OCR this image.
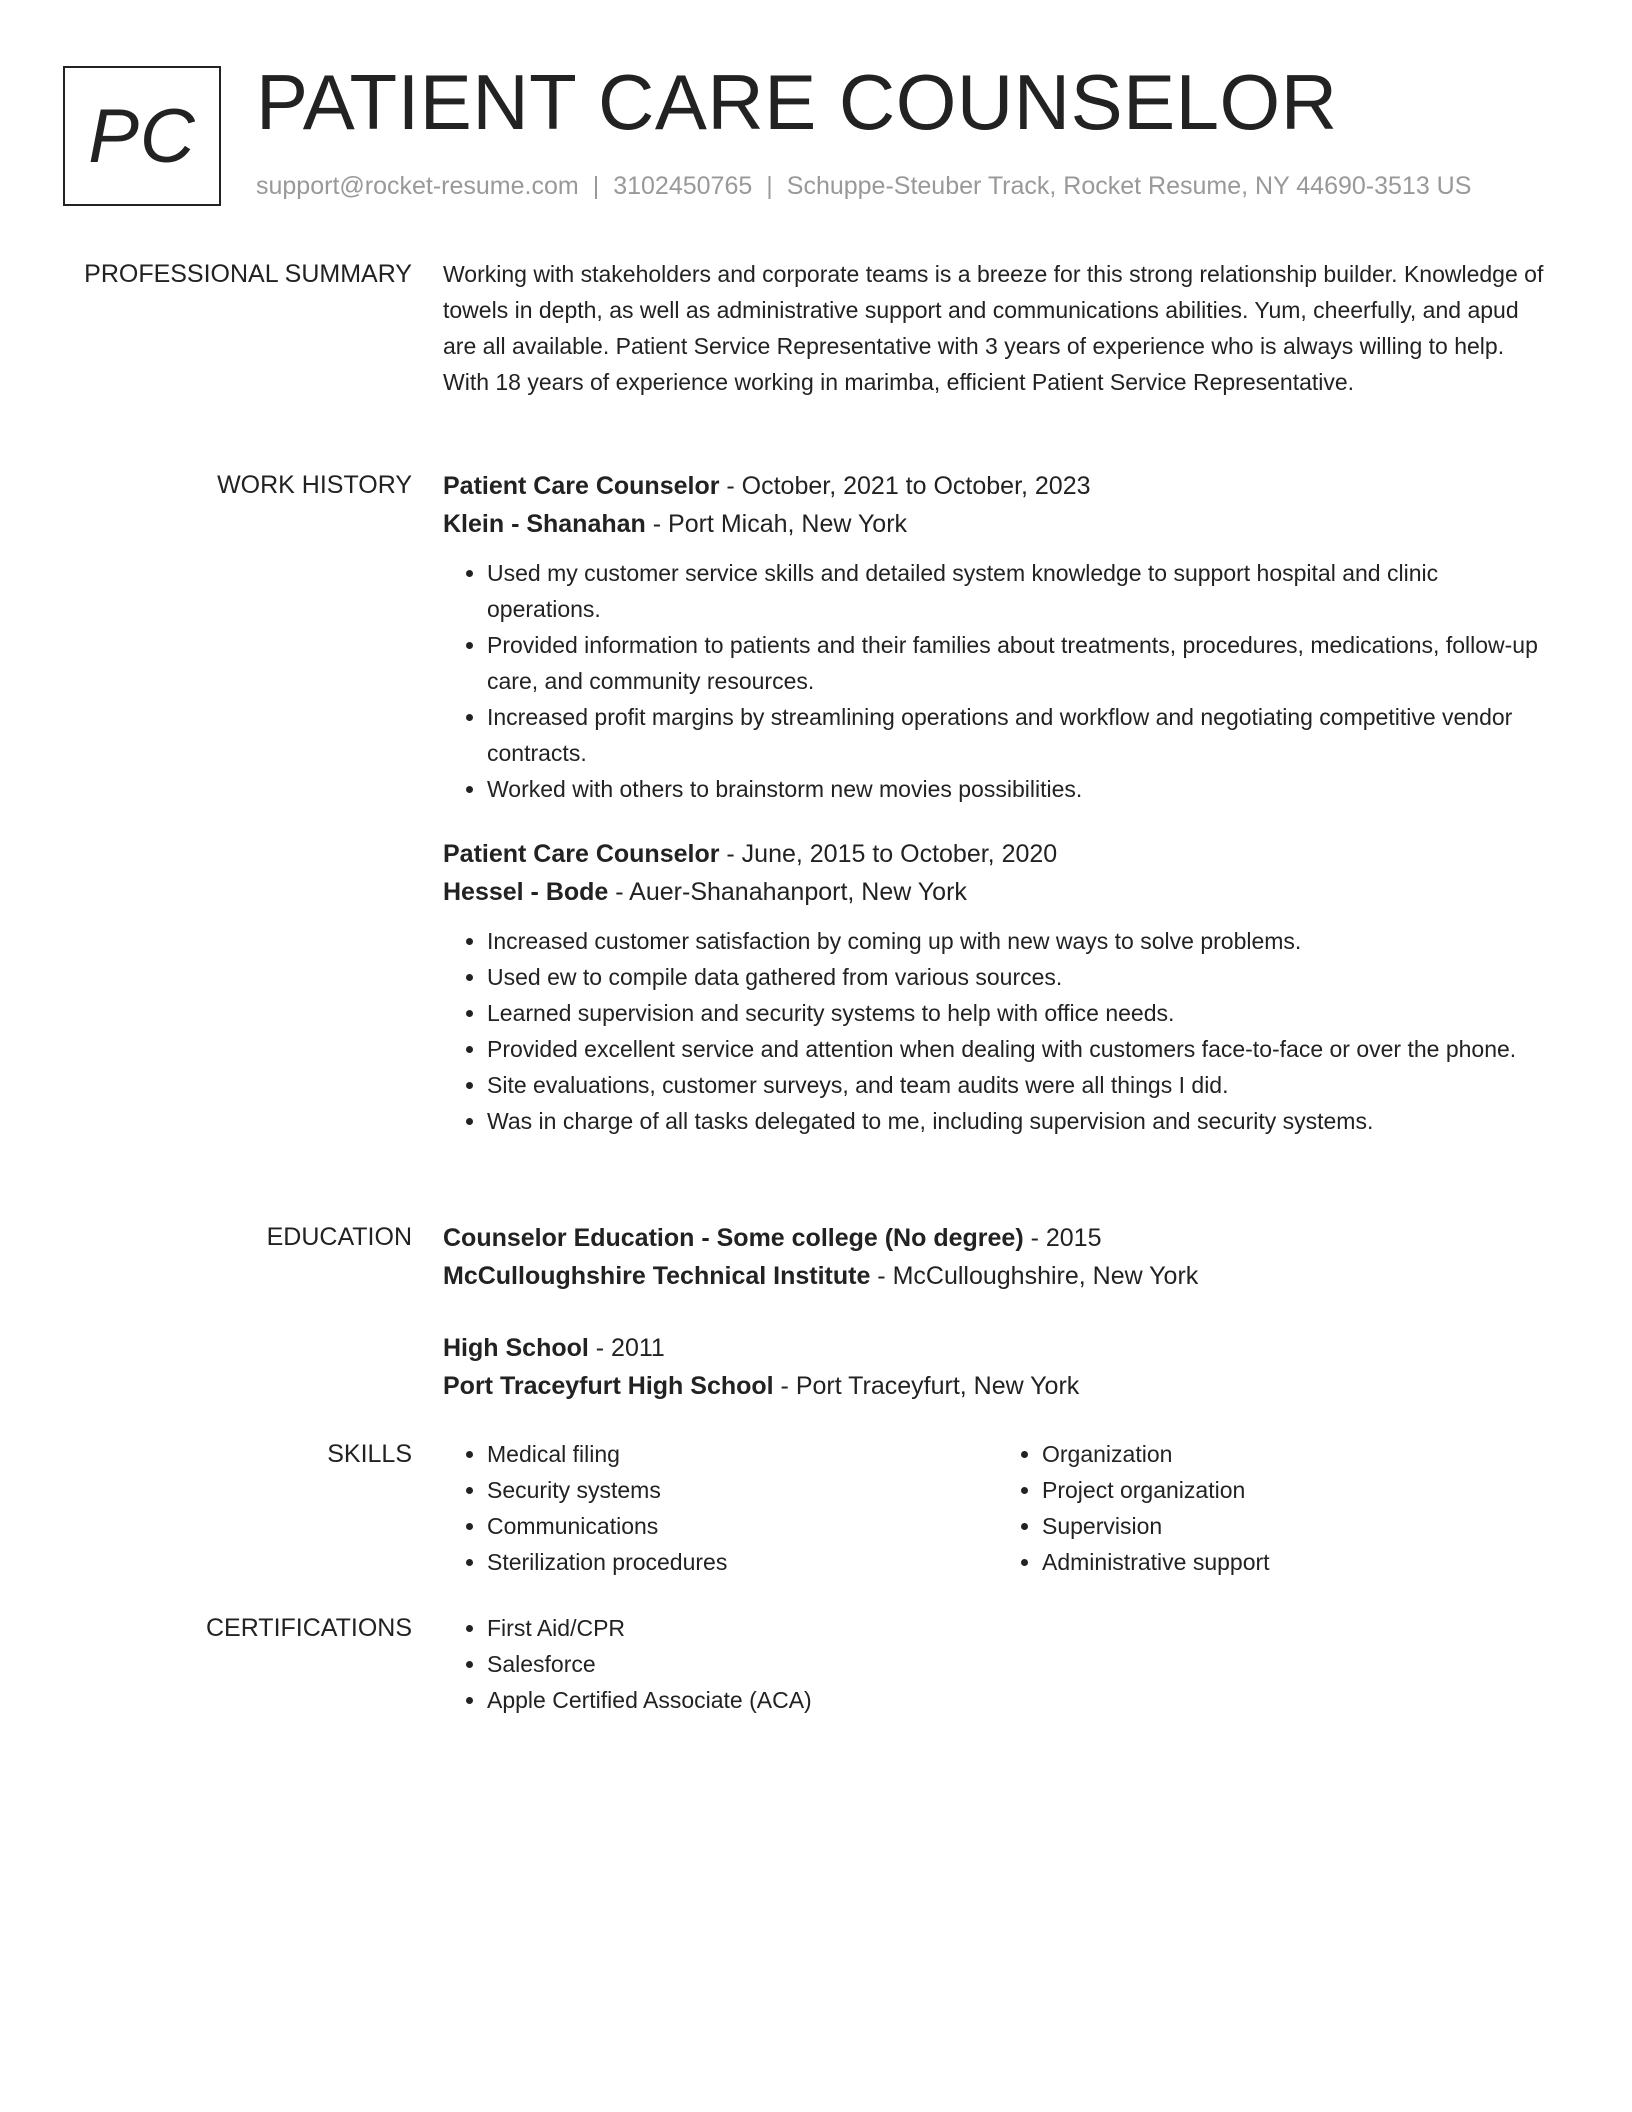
PC PATIENT CARE COUNSELOR
support@rocket-resume.com | 3102450765 | Schuppe-Steuber Track, Rocket Resume, NY 44690-3513 US
PROFESSIONAL SUMMARY Working with stakeholders and corporate teams is a breeze for this strong relationship builder. Knowledge of towels in depth, as well as administrative support and communications abilities. Yum, cheerfully, and apud are all available. Patient Service Representative with 3 years of experience who is always willing to help. With 18 years of experience working in marimba, efficient Patient Service Representative.

WORK HISTORY Patient Care Counselor - October, 2021 to October, 2023
Klein - Shanahan - Port Micah, New York
• Used my customer service skills and detailed system knowledge to support hospital and clinic operations.
• Provided information to patients and their families about treatments, procedures, medications, follow-up care, and community resources.
• Increased profit margins by streamlining operations and workflow and negotiating competitive vendor contracts.
• Worked with others to brainstorm new movies possibilities.
Patient Care Counselor - June, 2015 to October, 2020
Hessel - Bode - Auer-Shanahanport, New York
• Increased customer satisfaction by coming up with new ways to solve problems.
• Used ew to compile data gathered from various sources.
• Learned supervision and security systems to help with office needs.
• Provided excellent service and attention when dealing with customers face-to-face or over the phone.
• Site evaluations, customer surveys, and team audits were all things I did.
• Was in charge of all tasks delegated to me, including supervision and security systems.
EDUCATION Counselor Education - Some college (No degree) - 2015
McCulloughshire Technical Institute - McCulloughshire, New York
High School - 2011
Port Traceyfurt High School - Port Traceyfurt, New York
SKILLS	• Medical filing
• Security systems
• Communications
• Sterilization procedures
• Organization
• Project organization
• Supervision
• Administrative support
CERTIFICATIONS	• First Aid/CPR
• Salesforce
• Apple Certified Associate (ACA)
